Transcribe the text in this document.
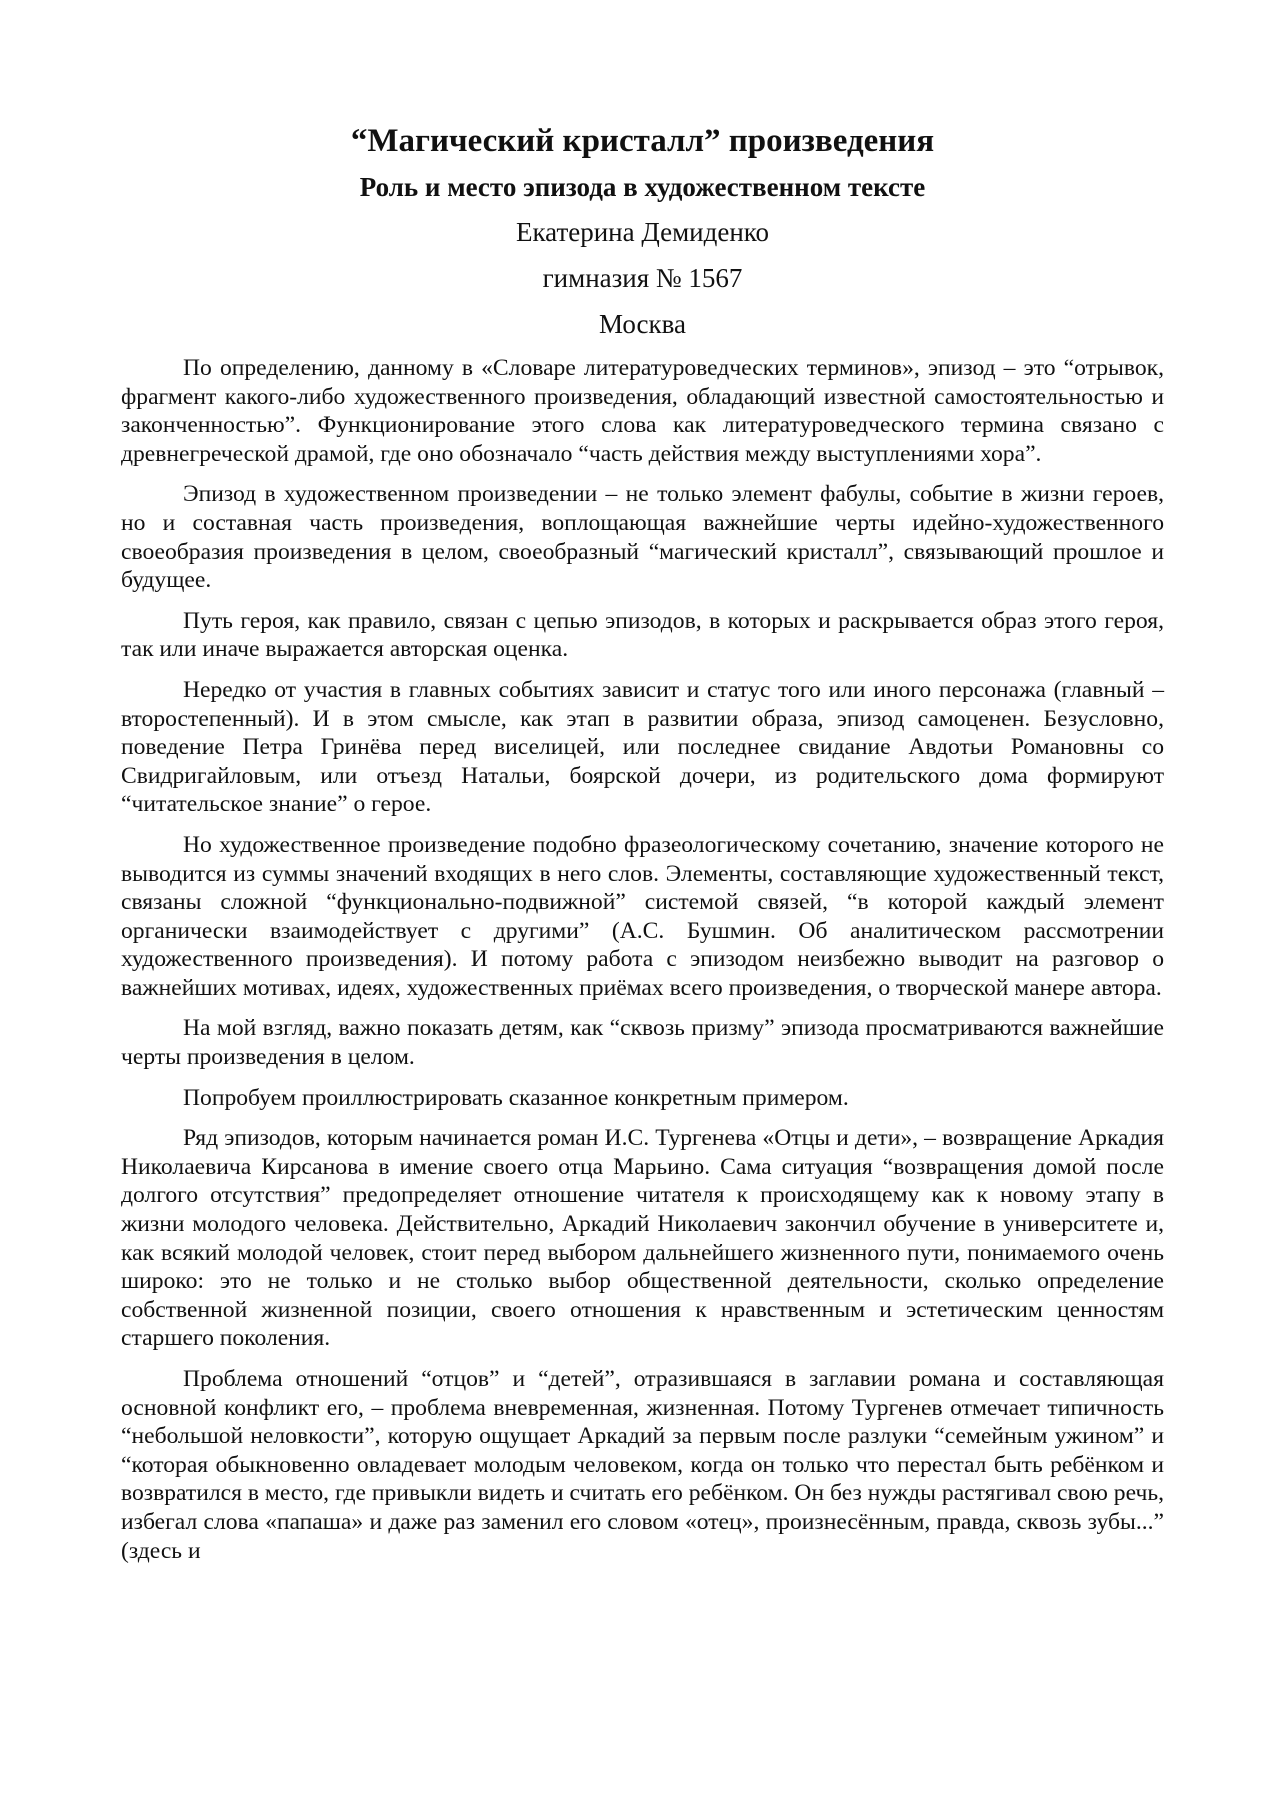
“Магический кристалл” произведения
Роль и место эпизода в художественном тексте
Екатерина Демиденко
гимназия № 1567
Москва

По определению, данному в «Словаре литературоведческих терминов», эпизод – это “отрывок, фрагмент какого-либо художественного произведения, обладающий известной самостоятельностью и законченностью”. Функционирование этого слова как литературоведческого термина связано с древнегреческой драмой, где оно обозначало “часть действия между выступлениями хора”.

Эпизод в художественном произведении – не только элемент фабулы, событие в жизни героев, но и составная часть произведения, воплощающая важнейшие черты идейно-художественного своеобразия произведения в целом, своеобразный “магический кристалл”, связывающий прошлое и будущее.

Путь героя, как правило, связан с цепью эпизодов, в которых и раскрывается образ этого героя, так или иначе выражается авторская оценка.

Нередко от участия в главных событиях зависит и статус того или иного персонажа (главный – второстепенный). И в этом смысле, как этап в развитии образа, эпизод самоценен. Безусловно, поведение Петра Гринёва перед виселицей, или последнее свидание Авдотьи Романовны со Свидригайловым, или отъезд Натальи, боярской дочери, из родительского дома формируют “читательское знание” о герое.

Но художественное произведение подобно фразеологическому сочетанию, значение которого не выводится из суммы значений входящих в него слов. Элементы, составляющие художественный текст, связаны сложной “функционально-подвижной” системой связей, “в которой каждый элемент органически взаимодействует с другими” (А.С. Бушмин. Об аналитическом рассмотрении художественного произведения). И потому работа с эпизодом неизбежно выводит на разговор о важнейших мотивах, идеях, художественных приёмах всего произведения, о творческой манере автора.

На мой взгляд, важно показать детям, как “сквозь призму” эпизода просматриваются важнейшие черты произведения в целом.

Попробуем проиллюстрировать сказанное конкретным примером.

Ряд эпизодов, которым начинается роман И.С. Тургенева «Отцы и дети», – возвращение Аркадия Николаевича Кирсанова в имение своего отца Марьино. Сама ситуация “возвращения домой после долгого отсутствия” предопределяет отношение читателя к происходящему как к новому этапу в жизни молодого человека. Действительно, Аркадий Николаевич закончил обучение в университете и, как всякий молодой человек, стоит перед выбором дальнейшего жизненного пути, понимаемого очень широко: это не только и не столько выбор общественной деятельности, сколько определение собственной жизненной позиции, своего отношения к нравственным и эстетическим ценностям старшего поколения.

Проблема отношений “отцов” и “детей”, отразившаяся в заглавии романа и составляющая основной конфликт его, – проблема вневременная, жизненная. Потому Тургенев отмечает типичность “небольшой неловкости”, которую ощущает Аркадий за первым после разлуки “семейным ужином” и “которая обыкновенно овладевает молодым человеком, когда он только что перестал быть ребёнком и возвратился в место, где привыкли видеть и считать его ребёнком. Он без нужды растягивал свою речь, избегал слова «папаша» и даже раз заменил его словом «отец», произнесённым, правда, сквозь зубы...” (здесь и
